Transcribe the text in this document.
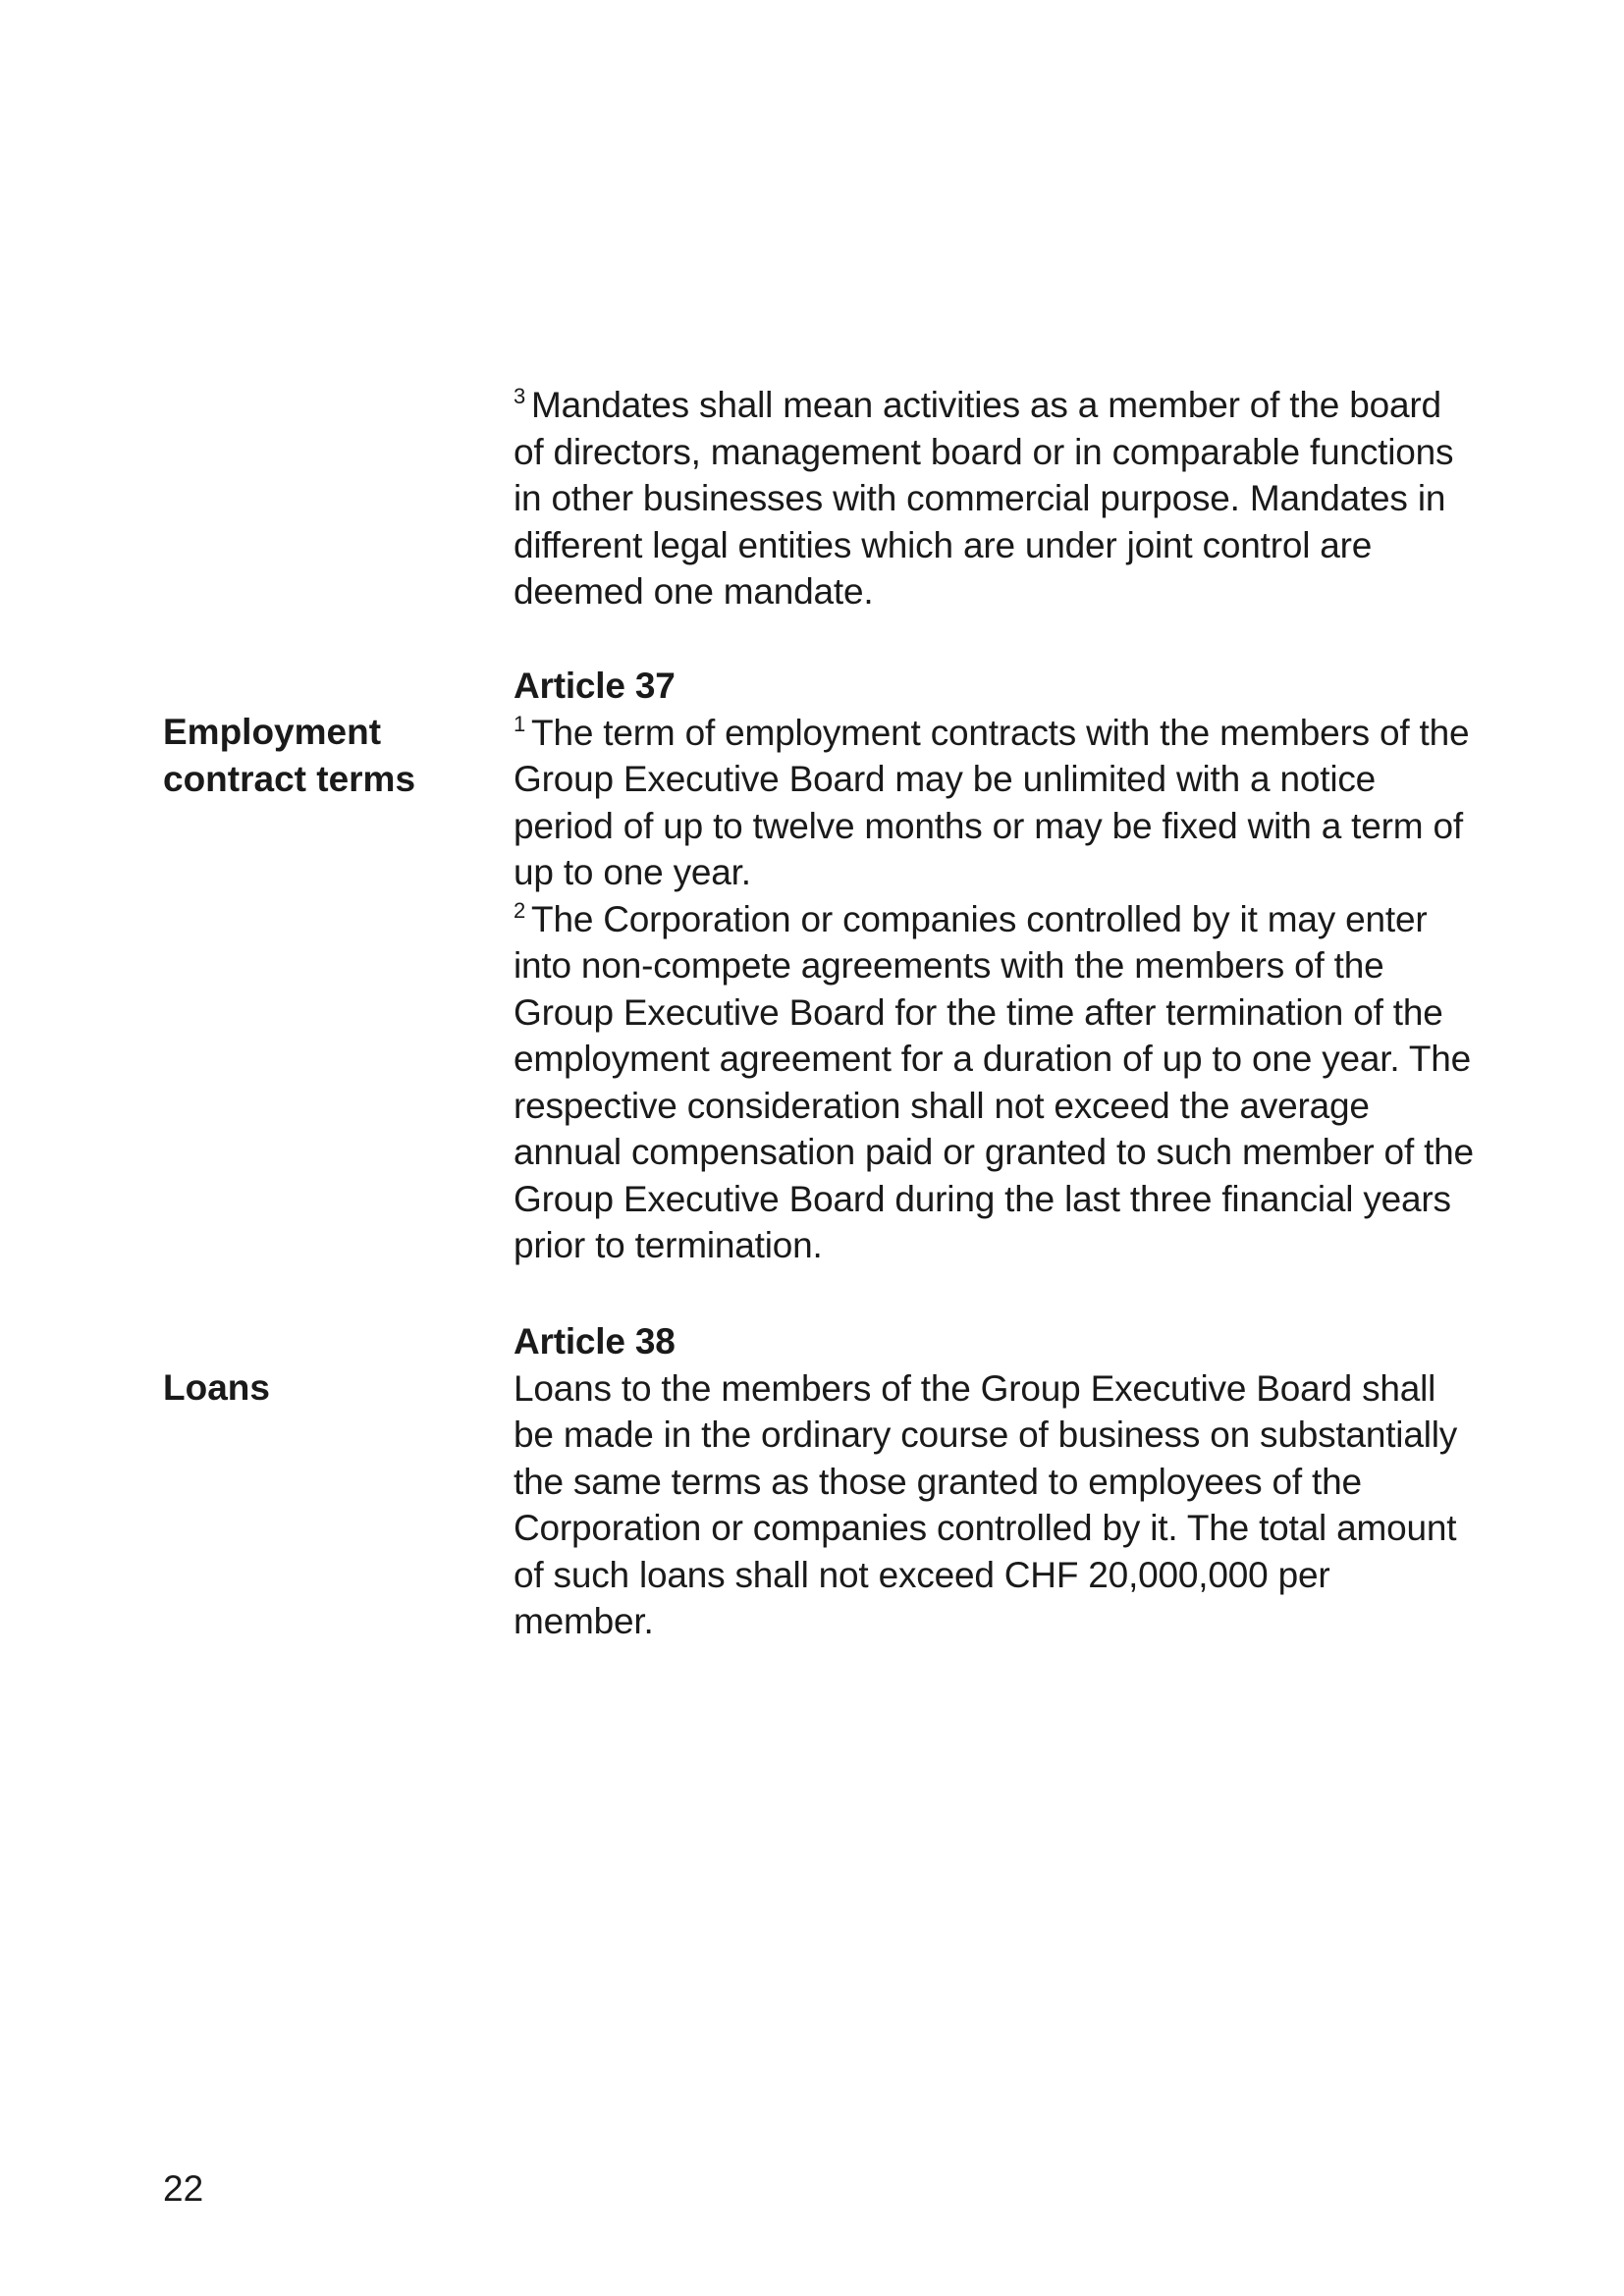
$^3$ Mandates shall mean activities as a member of the board of directors, management board or in comparable functions in other businesses with commercial purpose. Mandates in different legal entities which are under joint control are deemed one mandate.

Employment
contract terms
Article 37

$^1$ The term of employment contracts with the members of the Group Executive Board may be unlimited with a notice period of up to twelve months or may be fixed with a term of up to one year.

$^2$ The Corporation or companies controlled by it may enter into non-compete agreements with the members of the Group Executive Board for the time after termination of the employment agreement for a duration of up to one year. The respective consideration shall not exceed the average annual compensation paid or granted to such member of the Group Executive Board during the last three financial years prior to termination.

Loans
Article 38

Loans to the members of the Group Executive Board shall be made in the ordinary course of business on substantially the same terms as those granted to employees of the Corporation or companies controlled by it. The total amount of such loans shall not exceed CHF 20,000,000 per member.

22
